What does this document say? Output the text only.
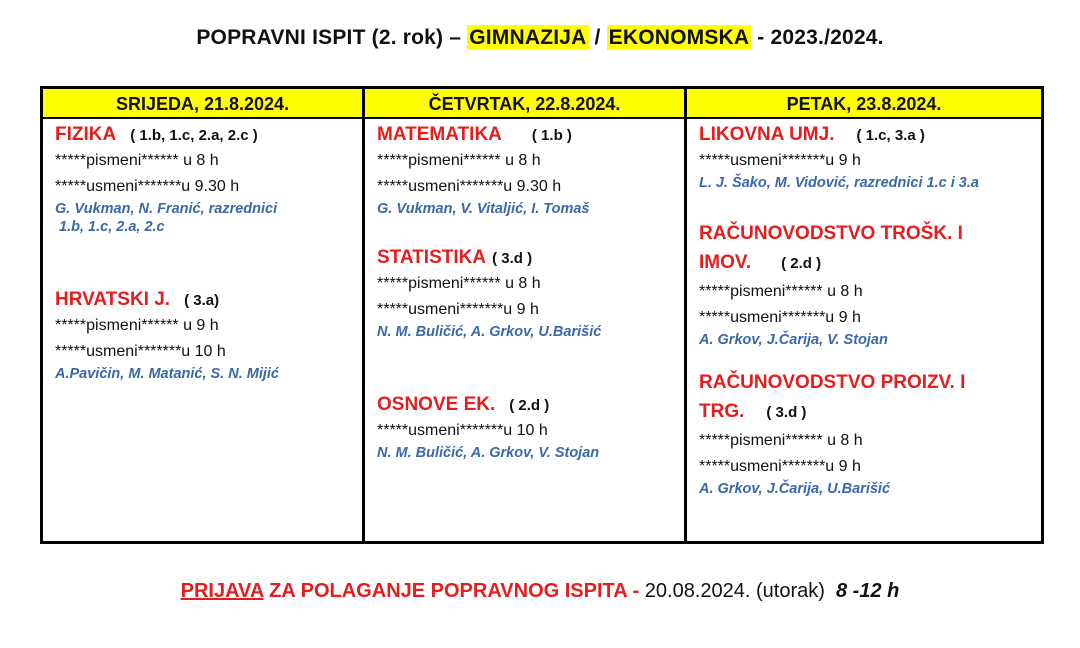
POPRAVNI ISPIT (2. rok) – GIMNAZIJA / EKONOMSKA - 2023./2024.
SRIJEDA, 21.8.2024.
FIZIKA ( 1.b, 1.c, 2.a, 2.c )
*****pismeni****** u 8 h
*****usmeni*******u 9.30 h
G. Vukman, N. Franić, razrednici
1.b, 1.c, 2.a, 2.c
HRVATSKI J. ( 3.a)
*****pismeni****** u 9 h
*****usmeni*******u 10 h
A.Pavičin, M. Matanić, S. N. Mijić
ČETVRTAK, 22.8.2024.
MATEMATIKA ( 1.b )
*****pismeni****** u 8 h
*****usmeni*******u 9.30 h
G. Vukman, V. Vitaljić, I. Tomaš
STATISTIKA ( 3.d )
*****pismeni****** u 8 h
*****usmeni*******u 9 h
N. M. Buličić, A. Grkov, U.Barišić
OSNOVE EK. ( 2.d )
*****usmeni*******u 10 h
N. M. Buličić, A. Grkov, V. Stojan
PETAK, 23.8.2024.
LIKOVNA UMJ. ( 1.c, 3.a )
*****usmeni*******u 9 h
L. J. Šako, M. Vidović, razrednici 1.c i 3.a
RAČUNOVODSTVO TROŠK. I
IMOV. ( 2.d )
*****pismeni****** u 8 h
*****usmeni*******u 9 h
A. Grkov, J.Čarija, V. Stojan
RAČUNOVODSTVO PROIZV. I
TRG. ( 3.d )
*****pismeni****** u 8 h
*****usmeni*******u 9 h
A. Grkov, J.Čarija, U.Barišić
PRIJAVA ZA POLAGANJE POPRAVNOG ISPITA - 20.08.2024. (utorak)  8 -12 h
